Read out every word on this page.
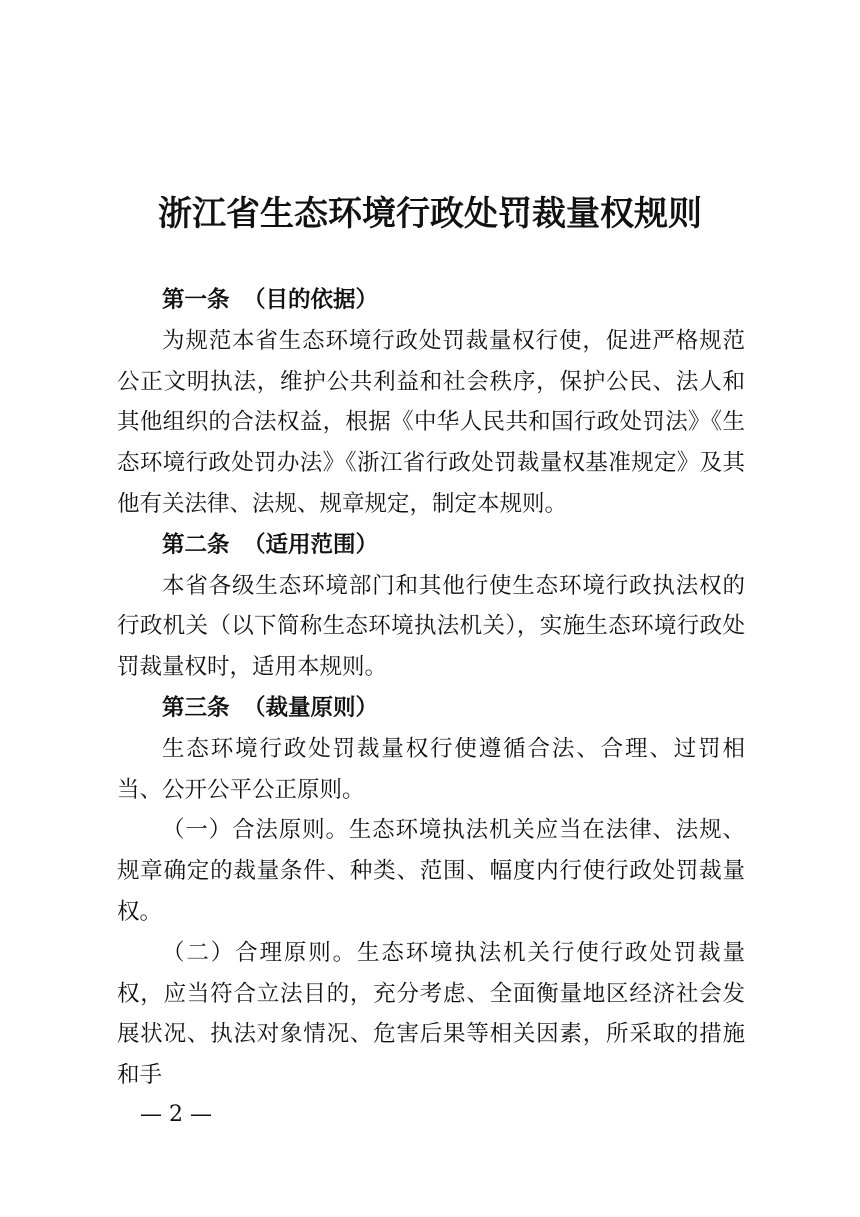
浙江省生态环境行政处罚裁量权规则

第一条 （目的依据）

为规范本省生态环境行政处罚裁量权行使，促进严格规范公正文明执法，维护公共利益和社会秩序，保护公民、法人和其他组织的合法权益，根据《中华人民共和国行政处罚法》《生态环境行政处罚办法》《浙江省行政处罚裁量权基准规定》及其他有关法律、法规、规章规定，制定本规则。

第二条 （适用范围）

本省各级生态环境部门和其他行使生态环境行政执法权的行政机关（以下简称生态环境执法机关），实施生态环境行政处罚裁量权时，适用本规则。

第三条 （裁量原则）

生态环境行政处罚裁量权行使遵循合法、合理、过罚相当、公开公平公正原则。

（一）合法原则。生态环境执法机关应当在法律、法规、规章确定的裁量条件、种类、范围、幅度内行使行政处罚裁量权。

（二）合理原则。生态环境执法机关行使行政处罚裁量权，应当符合立法目的，充分考虑、全面衡量地区经济社会发展状况、执法对象情况、危害后果等相关因素，所采取的措施和手

— 2 —
